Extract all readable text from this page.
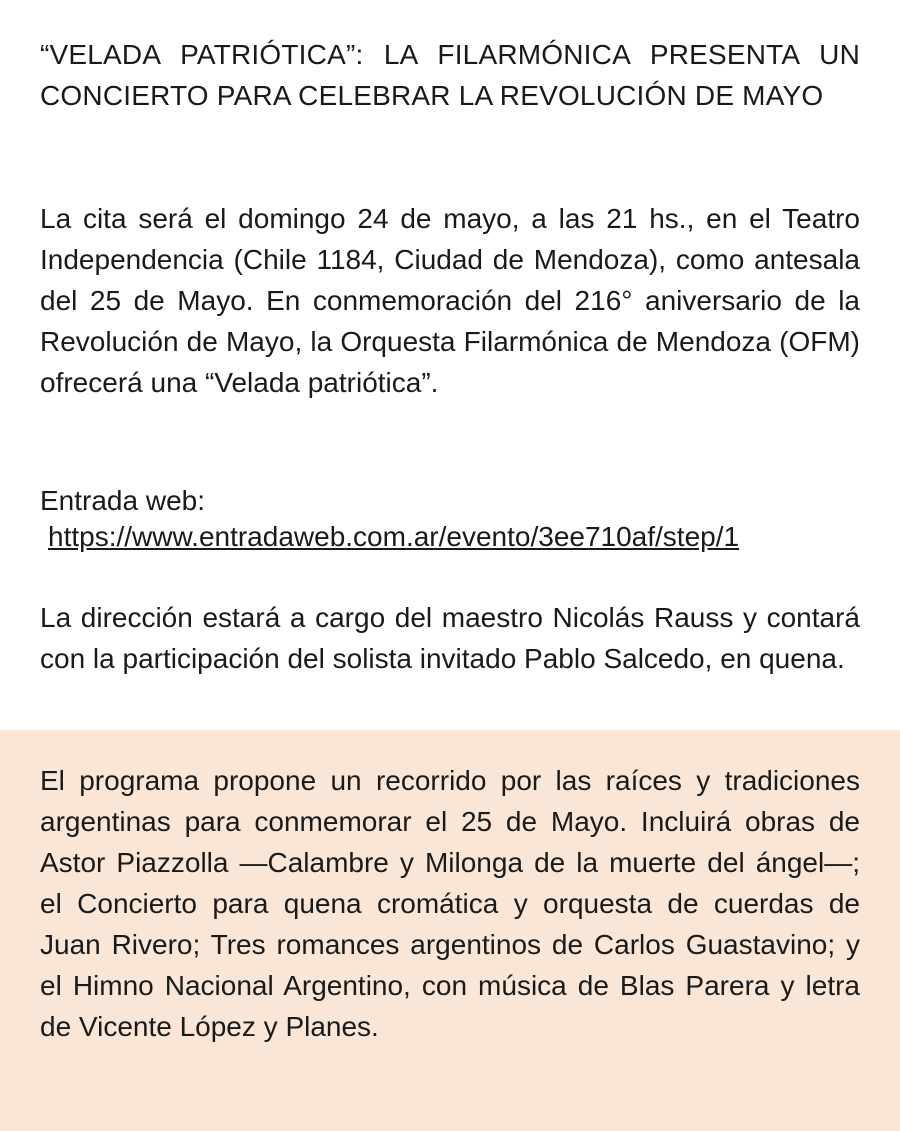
“VELADA PATRIÓTICA”: LA FILARMÓNICA PRESENTA UN CONCIERTO PARA CELEBRAR LA REVOLUCIÓN DE MAYO

La cita será el domingo 24 de mayo, a las 21 hs., en el Teatro Independencia (Chile 1184, Ciudad de Mendoza), como antesala del 25 de Mayo. En conmemoración del 216° aniversario de la Revolución de Mayo, la Orquesta Filarmónica de Mendoza (OFM) ofrecerá una “Velada patriótica”.

Entrada web:

https://www.entradaweb.com.ar/evento/3ee710af/step/1

La dirección estará a cargo del maestro Nicolás Rauss y contará con la participación del solista invitado Pablo Salcedo, en quena.

El programa propone un recorrido por las raíces y tradiciones argentinas para conmemorar el 25 de Mayo. Incluirá obras de Astor Piazzolla —Calambre y Milonga de la muerte del ángel—; el Concierto para quena cromática y orquesta de cuerdas de Juan Rivero; Tres romances argentinos de Carlos Guastavino; y el Himno Nacional Argentino, con música de Blas Parera y letra de Vicente López y Planes.
